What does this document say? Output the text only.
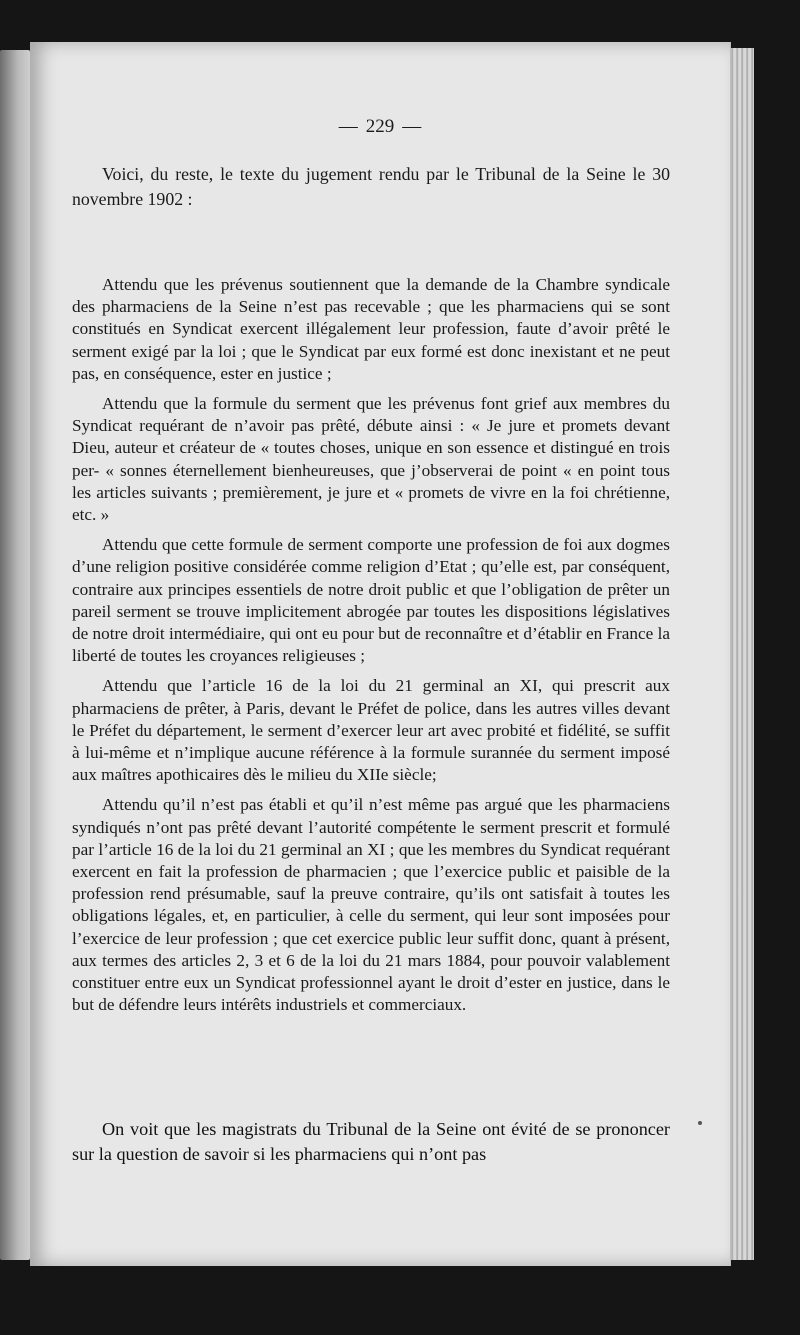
— 229 —

Voici, du reste, le texte du jugement rendu par le Tribunal de la Seine le 30 novembre 1902 :

Attendu que les prévenus soutiennent que la demande de la Chambre syndicale des pharmaciens de la Seine n’est pas recevable ; que les pharmaciens qui se sont constitués en Syndicat exercent illégalement leur profession, faute d’avoir prêté le serment exigé par la loi ; que le Syndicat par eux formé est donc inexistant et ne peut pas, en conséquence, ester en justice ;

Attendu que la formule du serment que les prévenus font grief aux membres du Syndicat requérant de n’avoir pas prêté, débute ainsi : « Je jure et promets devant Dieu, auteur et créateur de « toutes choses, unique en son essence et distingué en trois per- « sonnes éternellement bienheureuses, que j’observerai de point « en point tous les articles suivants ; premièrement, je jure et « promets de vivre en la foi chrétienne, etc. »

Attendu que cette formule de serment comporte une profession de foi aux dogmes d’une religion positive considérée comme religion d’Etat ; qu’elle est, par conséquent, contraire aux principes essentiels de notre droit public et que l’obligation de prêter un pareil serment se trouve implicitement abrogée par toutes les dispositions législatives de notre droit intermédiaire, qui ont eu pour but de reconnaître et d’établir en France la liberté de toutes les croyances religieuses ;

Attendu que l’article 16 de la loi du 21 germinal an XI, qui prescrit aux pharmaciens de prêter, à Paris, devant le Préfet de police, dans les autres villes devant le Préfet du département, le serment d’exercer leur art avec probité et fidélité, se suffit à lui-même et n’implique aucune référence à la formule surannée du serment imposé aux maîtres apothicaires dès le milieu du XIIe siècle;

Attendu qu’il n’est pas établi et qu’il n’est même pas argué que les pharmaciens syndiqués n’ont pas prêté devant l’autorité compétente le serment prescrit et formulé par l’article 16 de la loi du 21 germinal an XI ; que les membres du Syndicat requérant exercent en fait la profession de pharmacien ; que l’exercice public et paisible de la profession rend présumable, sauf la preuve contraire, qu’ils ont satisfait à toutes les obligations légales, et, en particulier, à celle du serment, qui leur sont imposées pour l’exercice de leur profession ; que cet exercice public leur suffit donc, quant à présent, aux termes des articles 2, 3 et 6 de la loi du 21 mars 1884, pour pouvoir valablement constituer entre eux un Syndicat professionnel ayant le droit d’ester en justice, dans le but de défendre leurs intérêts industriels et commerciaux.

On voit que les magistrats du Tribunal de la Seine ont évité de se prononcer sur la question de savoir si les pharmaciens qui n’ont pas
